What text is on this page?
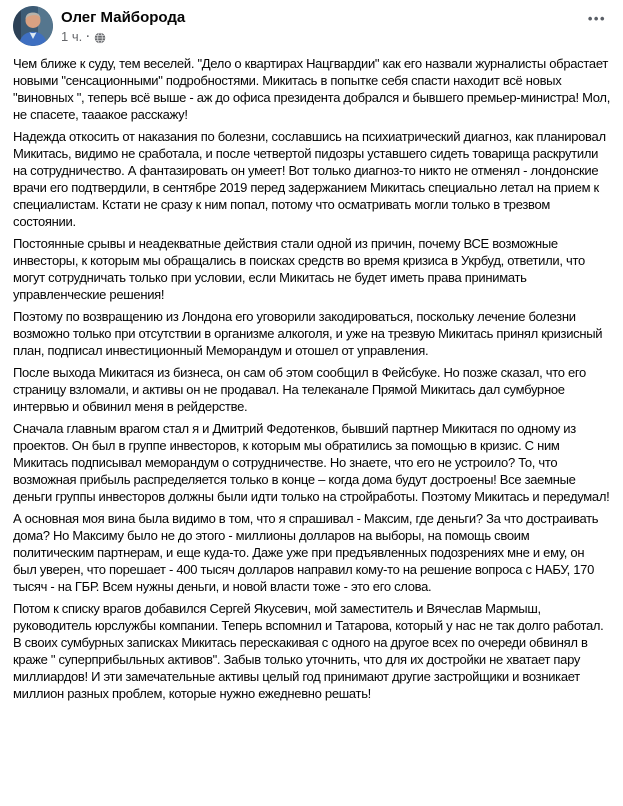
Олег Майборода
1 ч. ·
•••

Чем ближе к суду, тем веселей. "Дело о квартирах Нацгвардии" как его назвали журналисты обрастает новыми "сенсационными" подробностями. Микитась в попытке себя спасти находит всё новых "виновных ", теперь всё выше - аж до офиса президента добрался и бывшего премьер-министра! Мол, не спасете, тааакое расскажу!

Надежда откосить от наказания по болезни, сославшись на психиатрический диагноз, как планировал Микитась, видимо не сработала, и после четвертой пидозры уставшего сидеть товарища раскрутили на сотрудничество. А фантазировать он умеет! Вот только диагноз-то никто не отменял - лондонские врачи его подтвердили, в сентябре 2019 перед задержанием Микитась специально летал на прием к специалистам. Кстати не сразу к ним попал, потому что осматривать могли только в трезвом состоянии.

Постоянные срывы и неадекватные действия стали одной из причин, почему ВСЕ возможные инвесторы, к которым мы обращались в поисках средств во время кризиса в Укрбуд, ответили, что могут сотрудничать только при условии, если Микитась не будет иметь права принимать управленческие решения!

Поэтому по возвращению из Лондона его уговорили закодироваться, поскольку лечение болезни возможно только при отсутствии в организме алкоголя, и уже на трезвую Микитась принял кризисный план, подписал инвестиционный Меморандум и отошел от управления.

После выхода Микитася из бизнеса, он сам об этом сообщил в Фейсбуке. Но позже сказал, что его страницу взломали, и активы он не продавал. На телеканале Прямой Микитась дал сумбурное интервью и обвинил меня в рейдерстве.

Сначала главным врагом стал я и Дмитрий Федотенков, бывший партнер Микитася по одному из проектов. Он был в группе инвесторов, к которым мы обратились за помощью в кризис. С ним Микитась подписывал меморандум о сотрудничестве. Но знаете, что его не устроило? То, что возможная прибыль распределяется только в конце – когда дома будут достроены! Все заемные деньги группы инвесторов должны были идти только на стройработы. Поэтому Микитась и передумал!

А основная моя вина была видимо в том, что я спрашивал - Максим, где деньги? За что достраивать дома? Но Максиму было не до этого - миллионы долларов на выборы, на помощь своим политическим партнерам, и еще куда-то. Даже уже при предъявленных подозрениях мне и ему, он был уверен, что порешает - 400 тысяч долларов направил кому-то на решение вопроса с НАБУ, 170 тысяч - на ГБР. Всем нужны деньги, и новой власти тоже - это его слова.

Потом к списку врагов добавился Сергей Якусевич, мой заместитель и Вячеслав Мармыш, руководитель юрслужбы компании. Теперь вспомнил и Татарова, который у нас не так долго работал. В своих сумбурных записках Микитась перескакивая с одного на другое всех по очереди обвинял в краже " суперприбыльных активов". Забыв только уточнить, что для их достройки не хватает пару миллиардов! И эти замечательные активы целый год принимают другие застройщики и возникает миллион разных проблем, которые нужно ежедневно решать!
